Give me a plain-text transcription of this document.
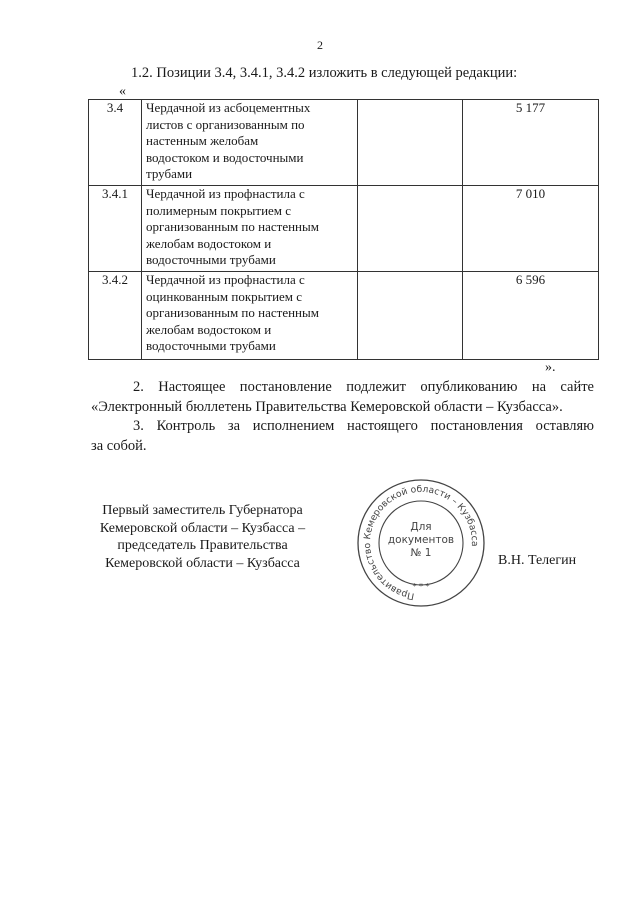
2
1.2. Позиции 3.4, 3.4.1, 3.4.2 изложить в следующей редакции:
«
3.4	Чердачной из асбоцементных
листов с организованным по
настенным желобам
водостоком и водосточными
трубами		5 177
3.4.1	Чердачной из профнастила с
полимерным покрытием с
организованным по настенным
желобам водостоком и
водосточными трубами		7 010
3.4.2	Чердачной из профнастила с
оцинкованным покрытием с
организованным по настенным
желобам водостоком и
водосточными трубами		6 596
».
2. Настоящее постановление подлежит опубликованию на сайте
«Электронный бюллетень Правительства Кемеровской области – Кузбасса».
3. Контроль за исполнением настоящего постановления оставляю
за собой.
Первый заместитель Губернатора
Кемеровской области – Кузбасса –
председатель Правительства
Кемеровской области – Кузбасса
Правительство Кемеровской области – Кузбасса
* * *
Для
документов
№ 1	В.Н. Телегин
